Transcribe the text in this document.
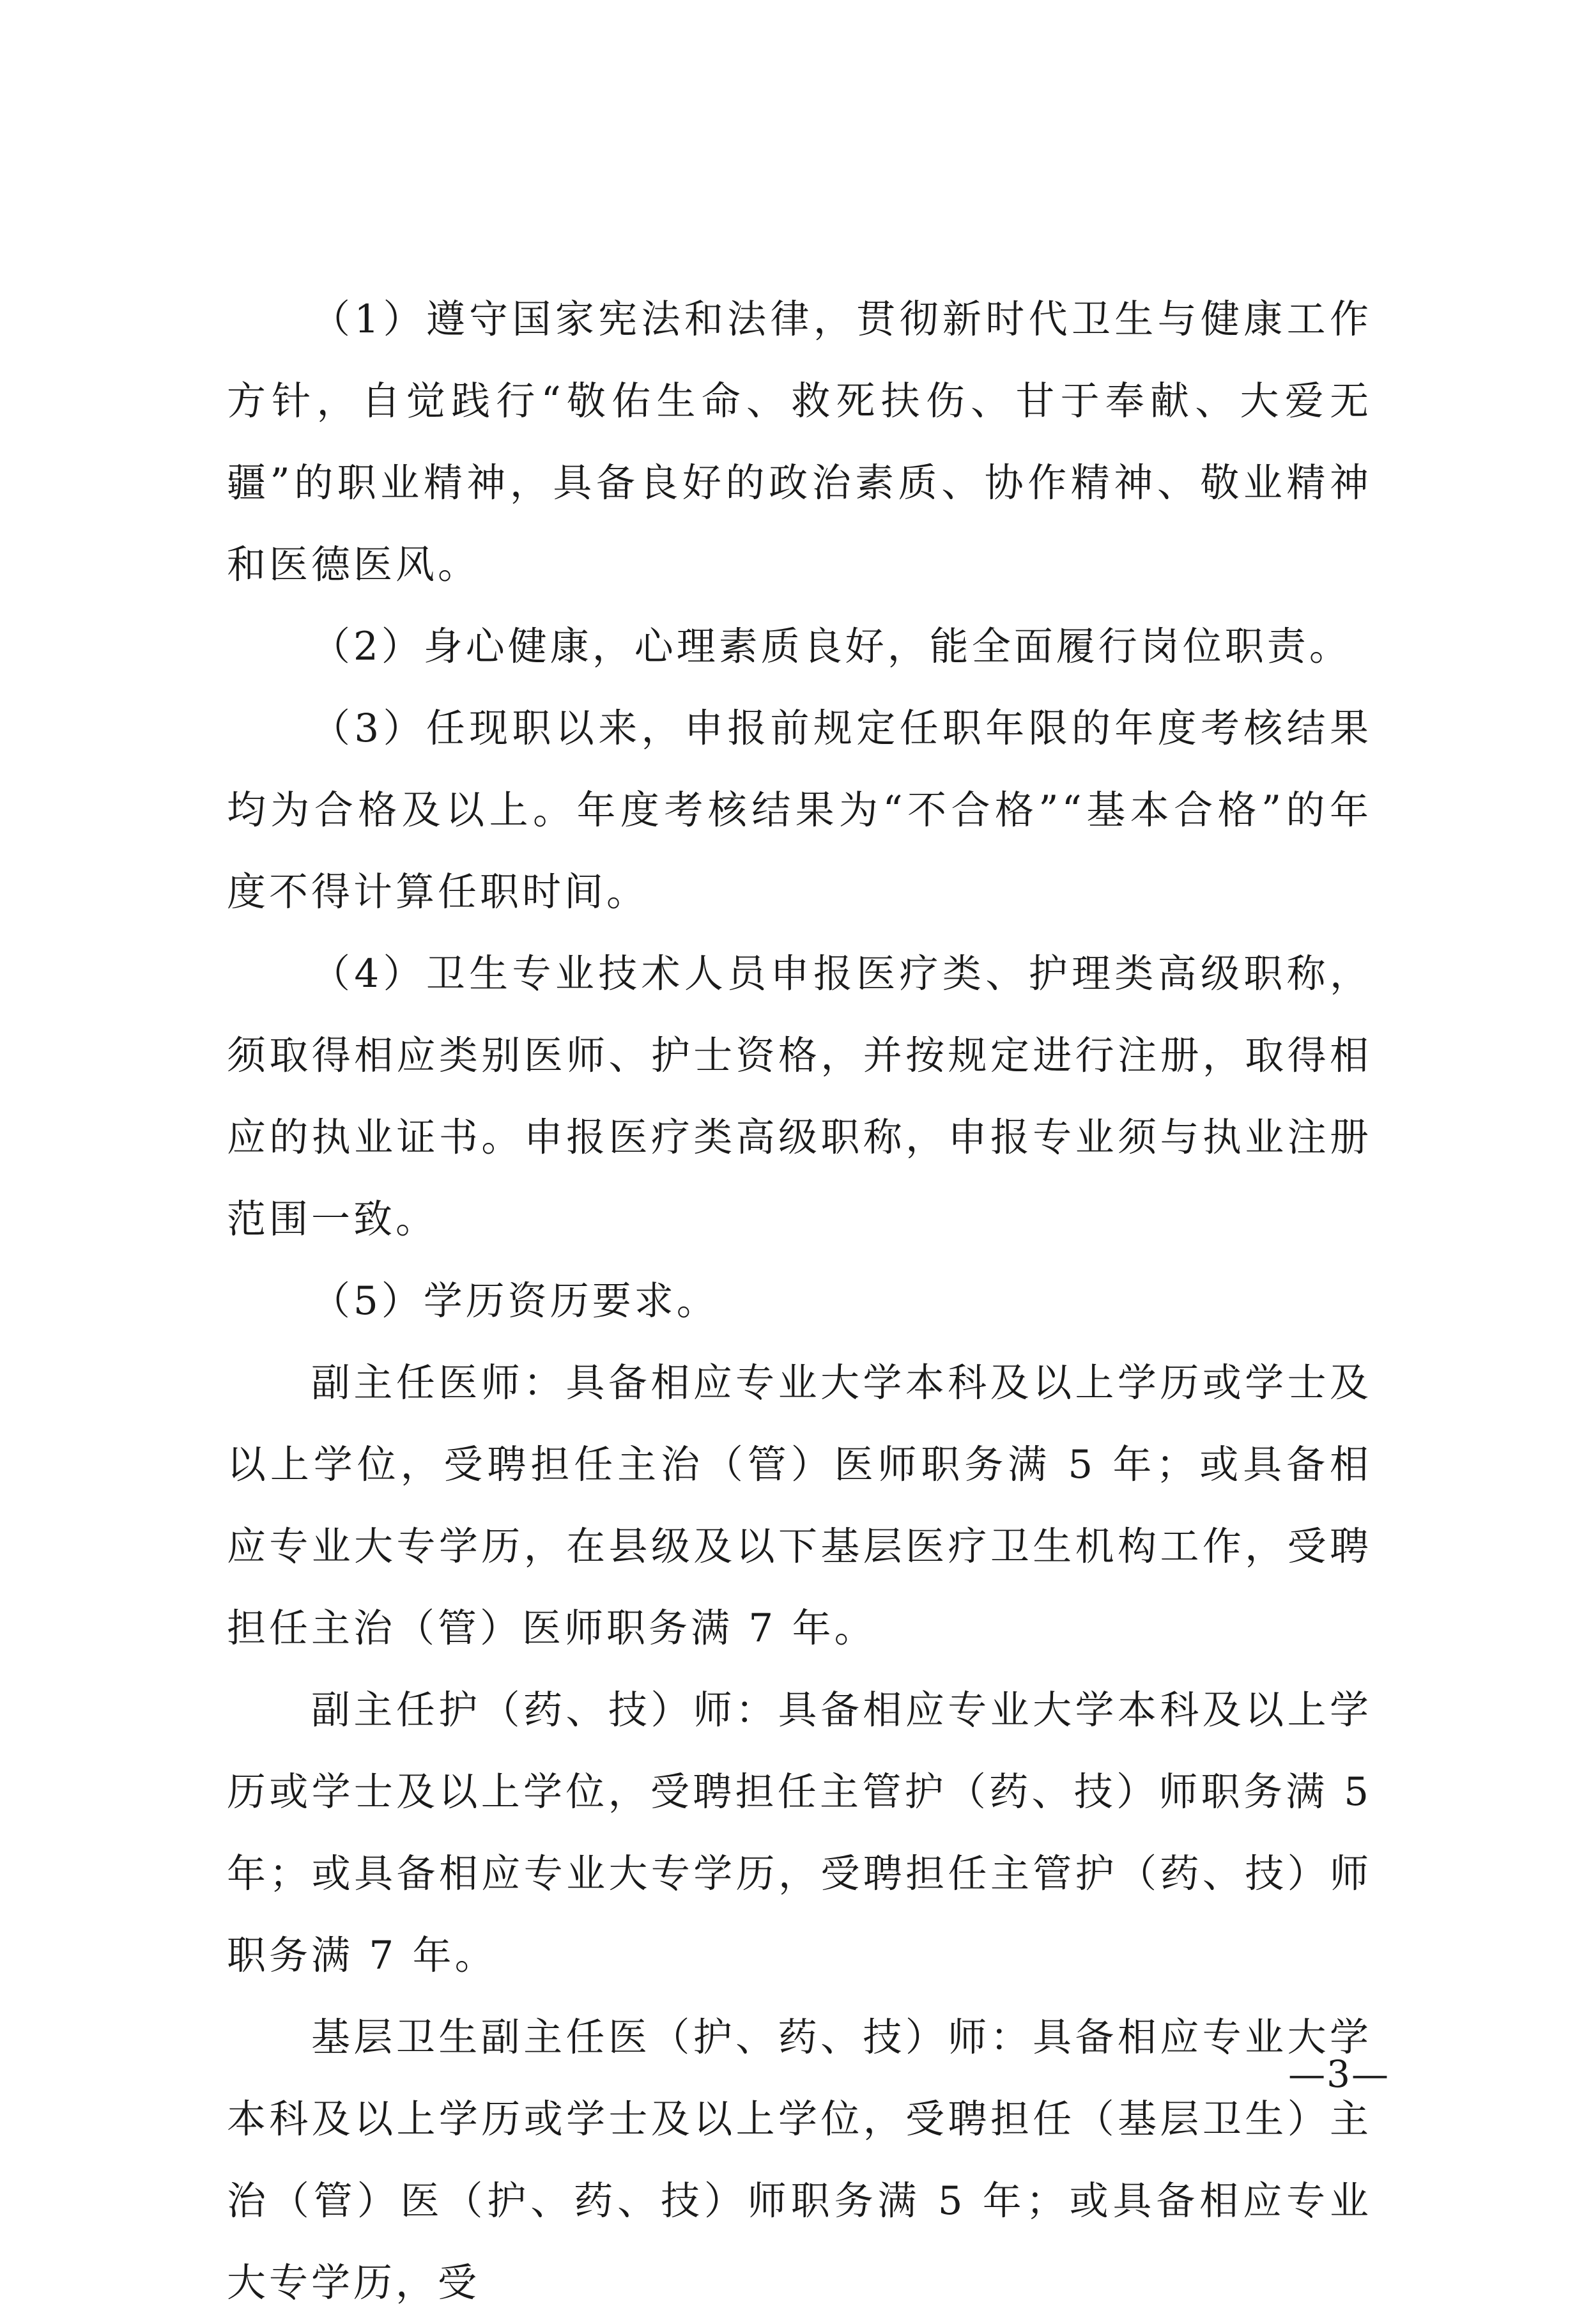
（1）遵守国家宪法和法律，贯彻新时代卫生与健康工作方针，自觉践行“敬佑生命、救死扶伤、甘于奉献、大爱无疆”的职业精神，具备良好的政治素质、协作精神、敬业精神和医德医风。

（2）身心健康，心理素质良好，能全面履行岗位职责。

（3）任现职以来，申报前规定任职年限的年度考核结果均为合格及以上。年度考核结果为“不合格”“基本合格”的年度不得计算任职时间。

（4）卫生专业技术人员申报医疗类、护理类高级职称，须取得相应类别医师、护士资格，并按规定进行注册，取得相应的执业证书。申报医疗类高级职称，申报专业须与执业注册范围一致。

（5）学历资历要求。

副主任医师：具备相应专业大学本科及以上学历或学士及以上学位，受聘担任主治（管）医师职务满 5 年；或具备相应专业大专学历，在县级及以下基层医疗卫生机构工作，受聘担任主治（管）医师职务满 7 年。

副主任护（药、技）师：具备相应专业大学本科及以上学历或学士及以上学位，受聘担任主管护（药、技）师职务满 5 年；或具备相应专业大专学历，受聘担任主管护（药、技）师职务满 7 年。

基层卫生副主任医（护、药、技）师：具备相应专业大学本科及以上学历或学士及以上学位，受聘担任（基层卫生）主治（管）医（护、药、技）师职务满 5 年；或具备相应专业大专学历，受

—3—
